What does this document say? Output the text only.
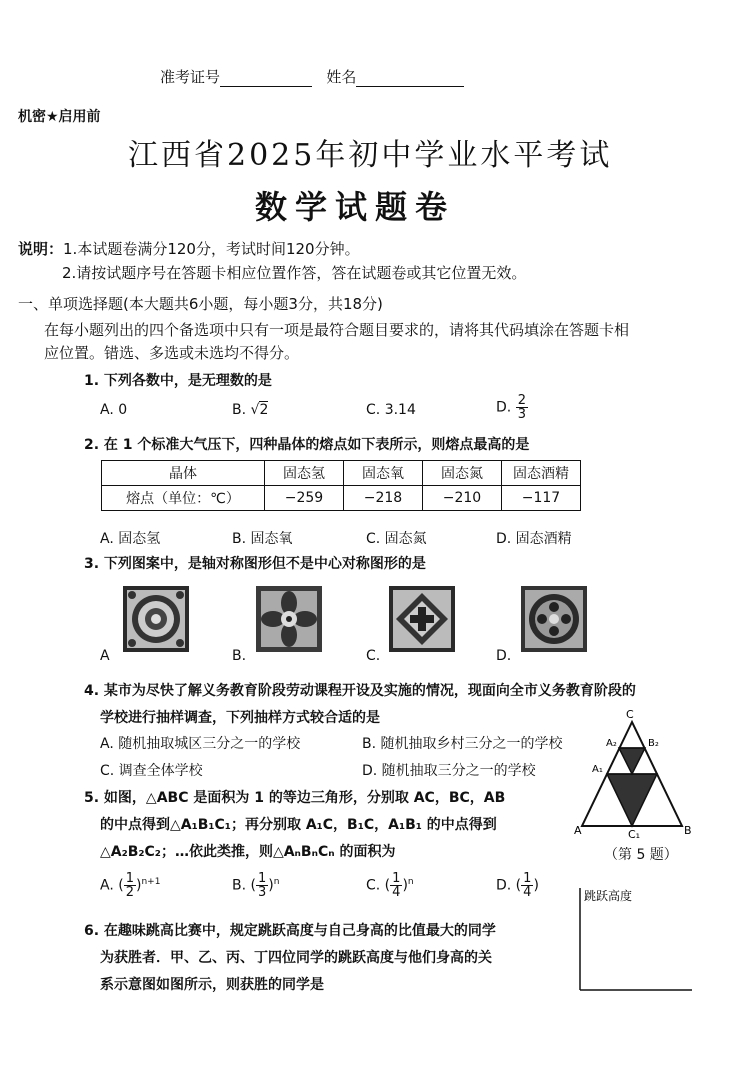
准考证号	姓名
机密★启用前
江西省2025年初中学业水平考试
数学试题卷
说明：1.本试题卷满分120分，考试时间120分钟。
2.请按试题序号在答题卡相应位置作答，答在试题卷或其它位置无效。
一、单项选择题(本大题共6小题，每小题3分，共18分)
在每小题列出的四个备选项中只有一项是最符合题目要求的，请将其代码填涂在答题卡相
应位置。错选、多选或未选均不得分。
1. 下列各数中，是无理数的是
A. 0	B. √2	C. 3.14	D. $\frac{2}{3}$
2. 在 1 个标准大气压下，四种晶体的熔点如下表所示，则熔点最高的是
晶体	固态氢	固态氧	固态氮	固态酒精
熔点（单位：℃）	−259	−218	−210	−117
A. 固态氢	B. 固态氧	C. 固态氮	D. 固态酒精
3. 下列图案中，是轴对称图形但不是中心对称图形的是
A	B.	C.	D.
4. 某市为尽快了解义务教育阶段劳动课程开设及实施的情况，现面向全市义务教育阶段的
学校进行抽样调查，下列抽样方式较合适的是
A. 随机抽取城区三分之一的学校	B. 随机抽取乡村三分之一的学校
C. 调查全体学校	D. 随机抽取三分之一的学校
C
A₂	B₂
A₁
A	C₁	B
（第 5 题）
5. 如图，△ABC 是面积为 1 的等边三角形，分别取 AC，BC，AB
的中点得到△A₁B₁C₁；再分别取 A₁C，B₁C，A₁B₁ 的中点得到
△A₂B₂C₂；…依此类推，则△AₙBₙCₙ 的面积为
A. ( $\frac{1}{2} )^{n+1}$	B. ( $\frac{1}{3} )^n$	C. ( $\frac{1}{4} )^n$	D. ( $\frac{1}{4}$ )
6. 在趣味跳高比赛中，规定跳跃高度与自己身高的比值最大的同学
为获胜者．甲、乙、丙、丁四位同学的跳跃高度与他们身高的关
系示意图如图所示，则获胜的同学是
跳跃高度
